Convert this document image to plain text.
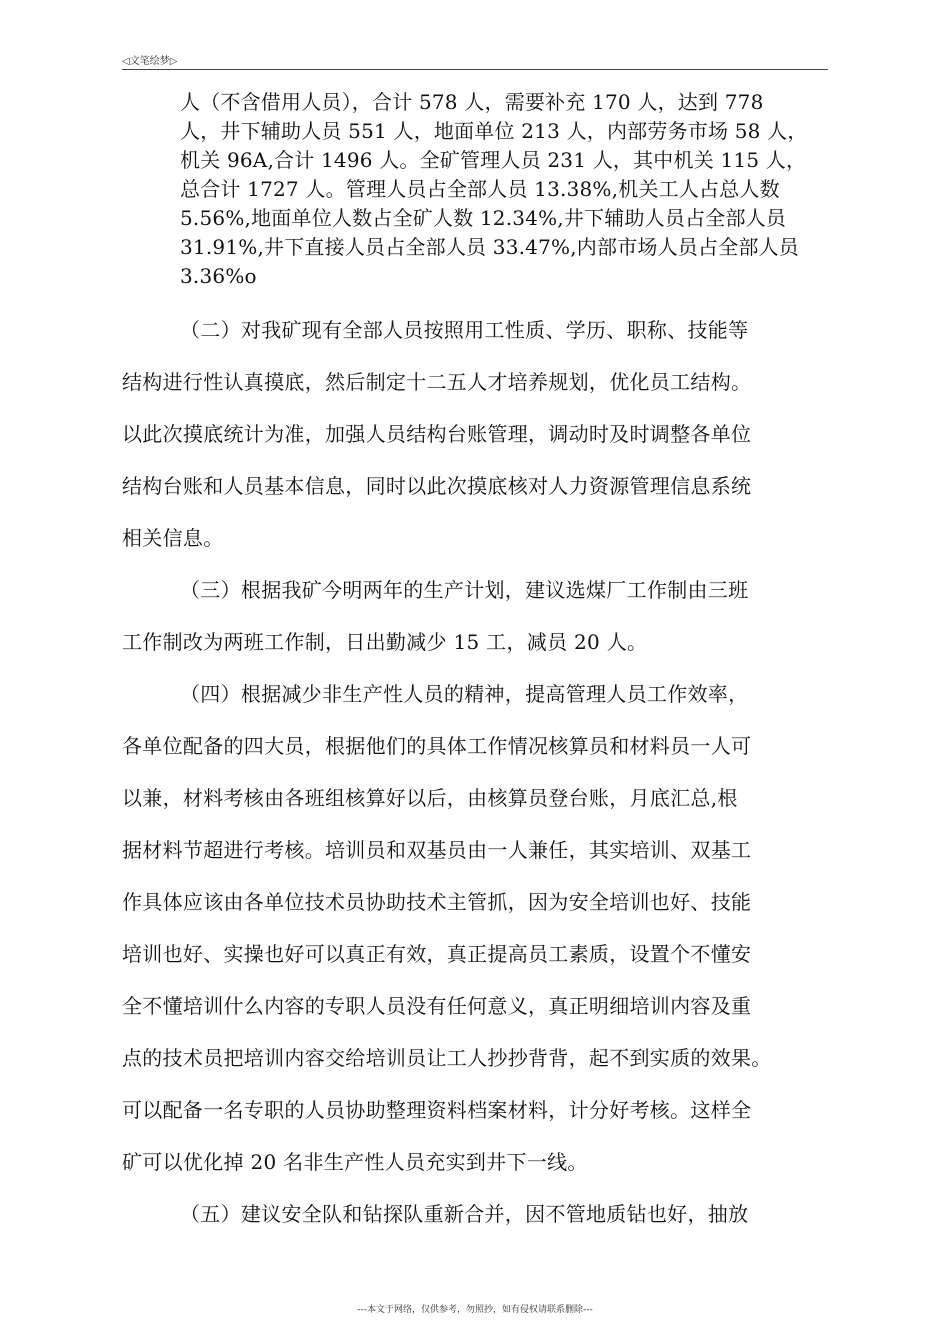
◁文笔绘梦▷
人（不含借用人员），合计 578 人，需要补充 170 人，达到 778
人，井下辅助人员 551 人，地面单位 213 人，内部劳务市场 58 人，
机关 96A,合计 1496 人。全矿管理人员 231 人，其中机关 115 人，
总合计 1727 人。管理人员占全部人员 13.38%,机关工人占总人数
5.56%,地面单位人数占全矿人数 12.34%,井下辅助人员占全部人员
31.91%,井下直接人员占全部人员 33.47%,内部市场人员占全部人员
3.36%o
（二）对我矿现有全部人员按照用工性质、学历、职称、技能等
结构进行性认真摸底，然后制定十二五人才培养规划，优化员工结构。
以此次摸底统计为准，加强人员结构台账管理，调动时及时调整各单位
结构台账和人员基本信息，同时以此次摸底核对人力资源管理信息系统
相关信息。
（三）根据我矿今明两年的生产计划，建议选煤厂工作制由三班
工作制改为两班工作制，日出勤减少 15 工，减员 20 人。
（四）根据减少非生产性人员的精神，提高管理人员工作效率，
各单位配备的四大员，根据他们的具体工作情况核算员和材料员一人可
以兼，材料考核由各班组核算好以后，由核算员登台账，月底汇总,根
据材料节超进行考核。培训员和双基员由一人兼任，其实培训、双基工
作具体应该由各单位技术员协助技术主管抓，因为安全培训也好、技能
培训也好、实操也好可以真正有效，真正提高员工素质，设置个不懂安
全不懂培训什么内容的专职人员没有任何意义，真正明细培训内容及重
点的技术员把培训内容交给培训员让工人抄抄背背，起不到实质的效果。
可以配备一名专职的人员协助整理资料档案材料，计分好考核。这样全
矿可以优化掉 20 名非生产性人员充实到井下一线。
（五）建议安全队和钻探队重新合并，因不管地质钻也好，抽放
---本文于网络，仅供参考，勿照抄，如有侵权请联系删除---
